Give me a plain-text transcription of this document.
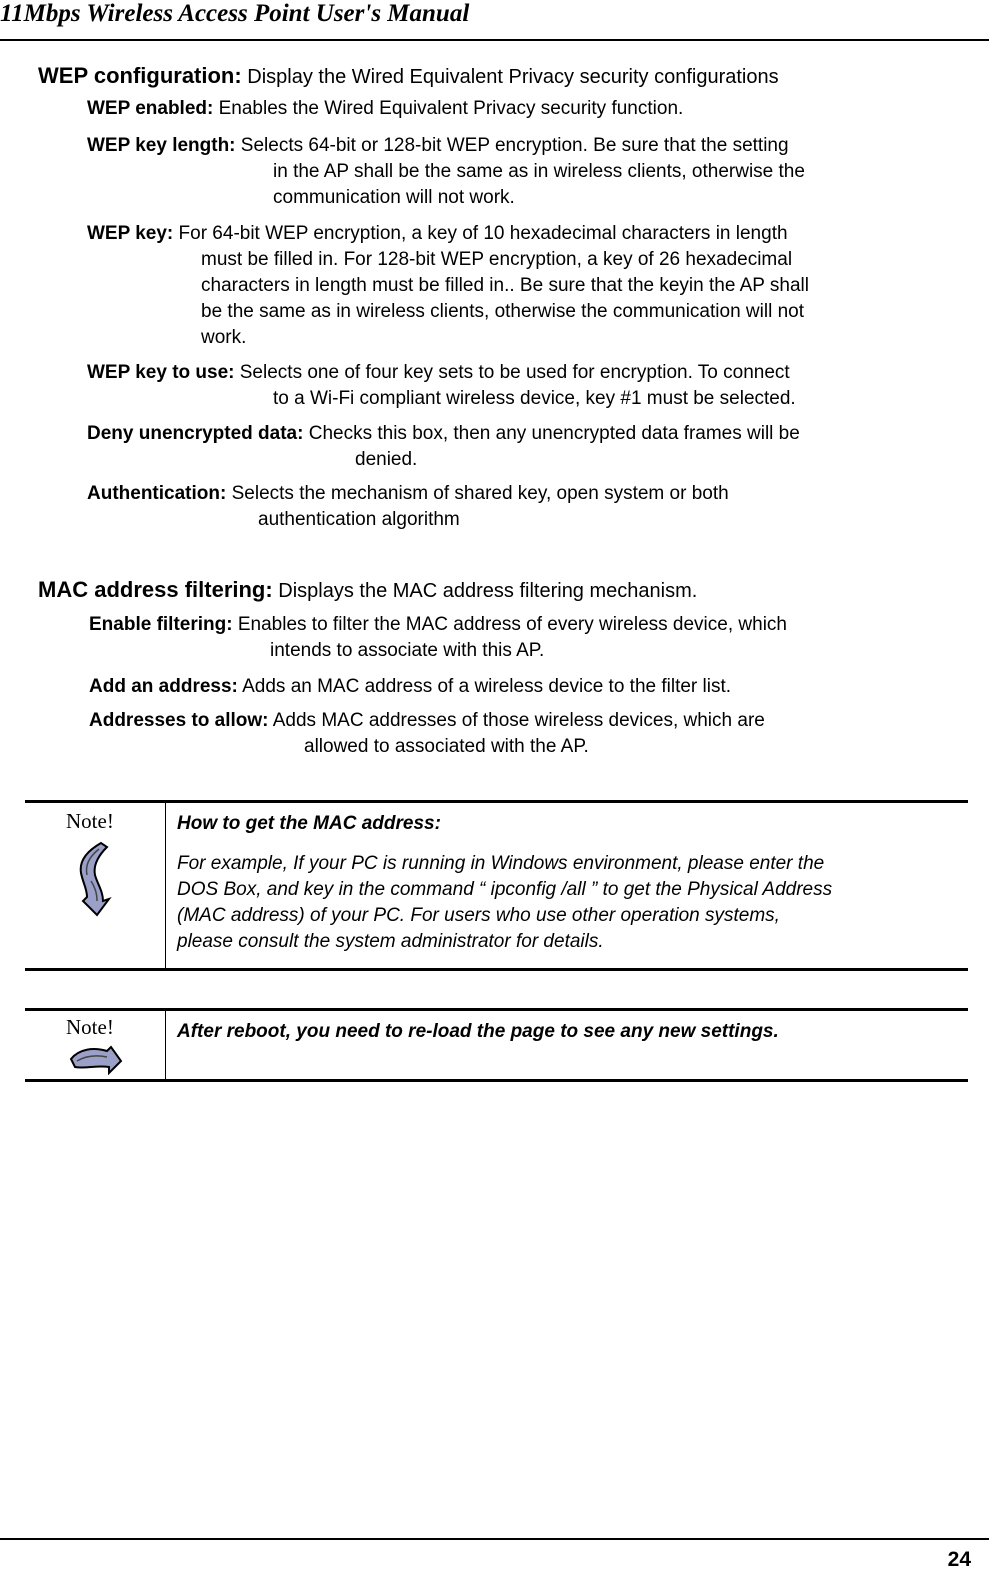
11Mbps Wireless Access Point User's Manual
WEP configuration: Display the Wired Equivalent Privacy security configurations
WEP enabled: Enables the Wired Equivalent Privacy security function.
WEP key length: Selects 64-bit or 128-bit WEP encryption. Be sure that the setting
in the AP shall be the same as in wireless clients, otherwise the
communication will not work.
WEP key: For 64-bit WEP encryption, a key of 10 hexadecimal characters in length
must be filled in. For 128-bit WEP encryption, a key of 26 hexadecimal
characters in length must be filled in.. Be sure that the keyin the AP shall
be the same as in wireless clients, otherwise the communication will not
work.
WEP key to use: Selects one of four key sets to be used for encryption. To connect
to a Wi-Fi compliant wireless device, key #1 must be selected.
Deny unencrypted data: Checks this box, then any unencrypted data frames will be
denied.
Authentication: Selects the mechanism of shared key, open system or both
authentication algorithm
MAC address filtering: Displays the MAC address filtering mechanism.
Enable filtering: Enables to filter the MAC address of every wireless device, which
intends to associate with this AP.
Add an address: Adds an MAC address of a wireless device to the filter list.
Addresses to allow: Adds MAC addresses of those wireless devices, which are
allowed to associated with the AP.
Note!	How to get the MAC address:
For example, If your PC is running in Windows environment, please enter the
DOS Box, and key in the command “ ipconfig /all ” to get the Physical Address
(MAC address) of your PC. For users who use other operation systems,
please consult the system administrator for details.
Note!	After reboot, you need to re-load the page to see any new settings.
24
